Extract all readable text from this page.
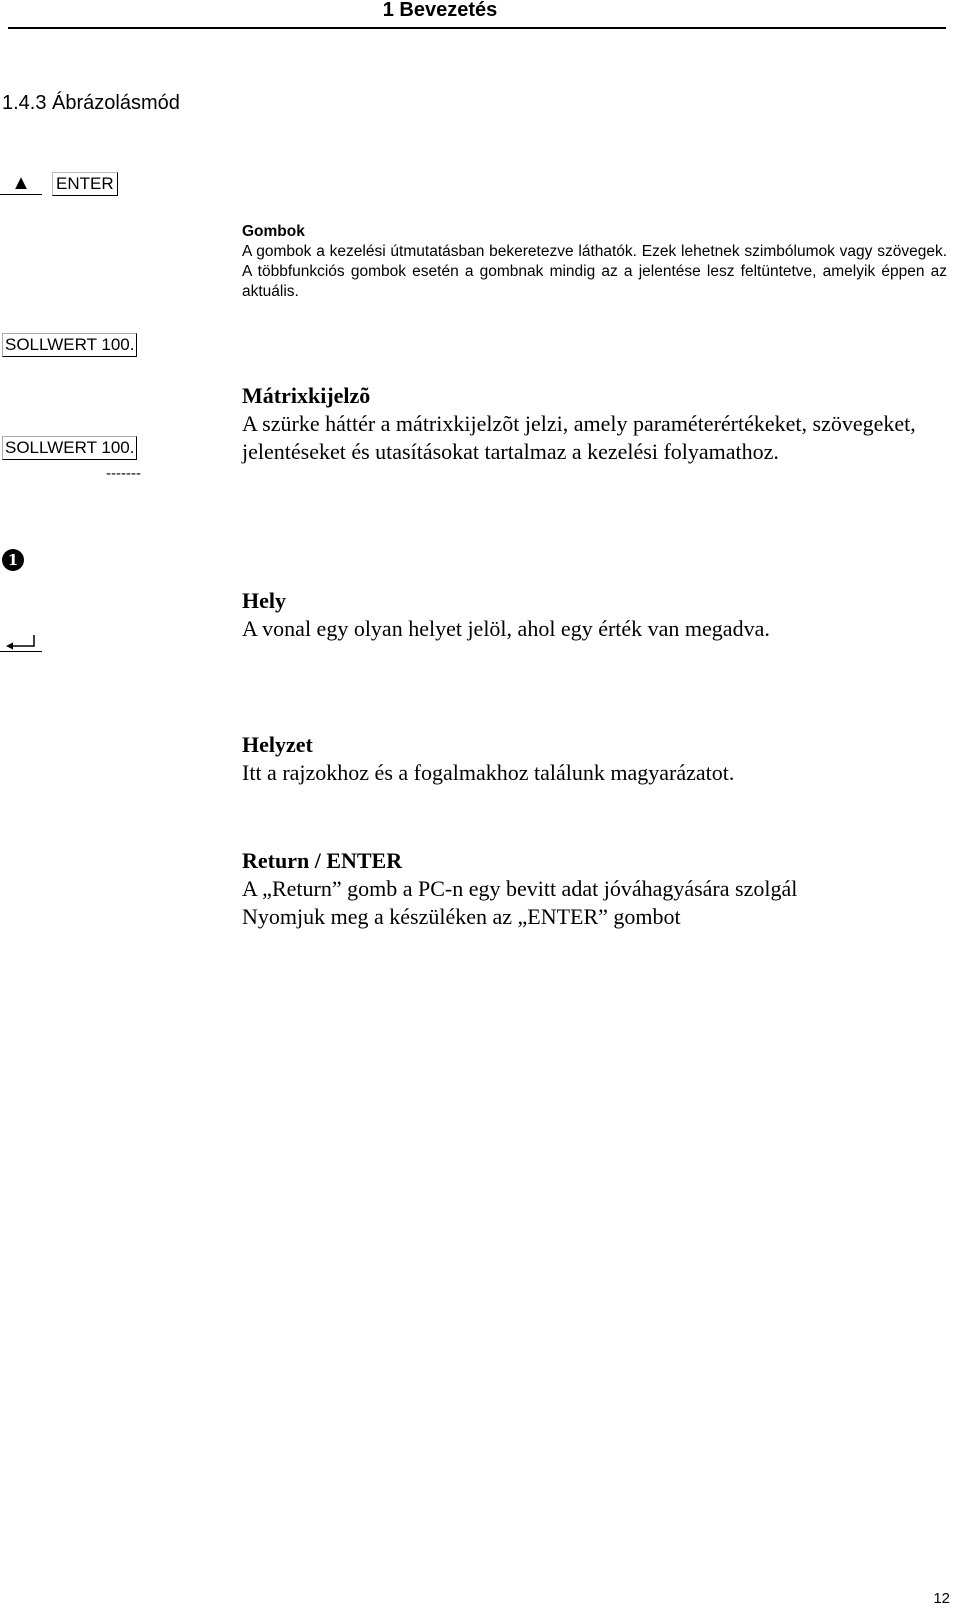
1 Bevezetés
1.4.3 Ábrázolásmód
▲	ENTER
SOLLWERT 100.
SOLLWERT 100.
-------
1
Gombok
A gombok a kezelési útmutatásban bekeretezve láthatók. Ezek lehetnek szimbólumok vagy szövegek. A többfunkciós gombok esetén a gombnak mindig az a jelentése lesz feltüntetve, amelyik éppen az aktuális.
Mátrixkijelzõ
A szürke háttér a mátrixkijelzõt jelzi, amely paraméterértékeket, szövegeket, jelentéseket és utasításokat tartalmaz a kezelési folyamathoz.
Hely
A vonal egy olyan helyet jelöl, ahol egy érték van megadva.
Helyzet
Itt a rajzokhoz és a fogalmakhoz találunk magyarázatot.
Return / ENTER
A „Return” gomb a PC-n egy bevitt adat jóváhagyására szolgál
Nyomjuk meg a készüléken az „ENTER” gombot
12
